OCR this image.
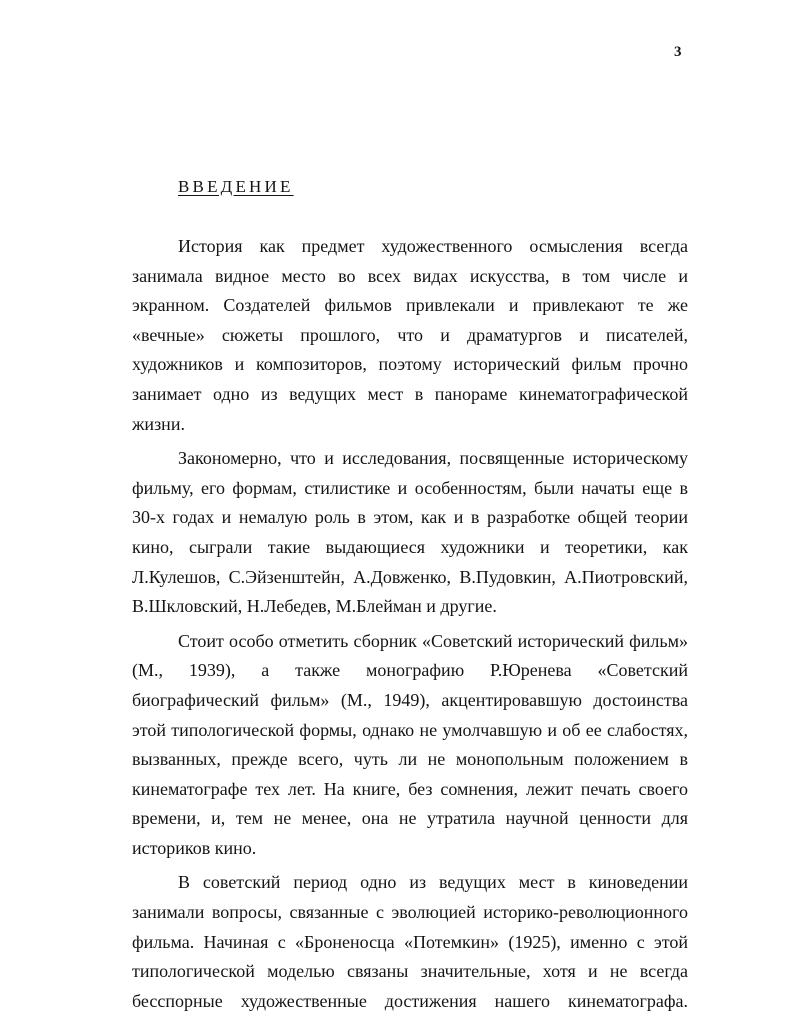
3
ВВЕДЕНИЕ

История как предмет художественного осмысления всегда занимала видное место во всех видах искусства, в том числе и экранном. Создателей фильмов привлекали и привлекают те же «вечные» сюжеты прошлого, что и драматургов и писателей, художников и композиторов, поэтому исторический фильм прочно занимает одно из ведущих мест в панораме кинематографической жизни.

Закономерно, что и исследования, посвященные историческому фильму, его формам, стилистике и особенностям, были начаты еще в 30-х годах и немалую роль в этом, как и в разработке общей теории кино, сыграли такие выдающиеся художники и теоретики, как Л.Кулешов, С.Эйзенштейн, А.Довженко, В.Пудовкин, А.Пиотровский, В.Шкловский, Н.Лебедев, М.Блейман и другие.

Стоит особо отметить сборник «Советский исторический фильм» (М., 1939), а также монографию Р.Юренева «Советский биографический фильм» (М., 1949), акцентировавшую достоинства этой типологической формы, однако не умолчавшую и об ее слабостях, вызванных, прежде всего, чуть ли не монопольным положением в кинематографе тех лет. На книге, без сомнения, лежит печать своего времени, и, тем не менее, она не утратила научной ценности для историков кино.

В советский период одно из ведущих мест в киноведении занимали вопросы, связанные с эволюцией историко-революционного фильма. Начиная с «Броненосца «Потемкин» (1925), именно с этой типологической моделью связаны значительные, хотя и не всегда бесспорные художественные достижения нашего кинематографа.
